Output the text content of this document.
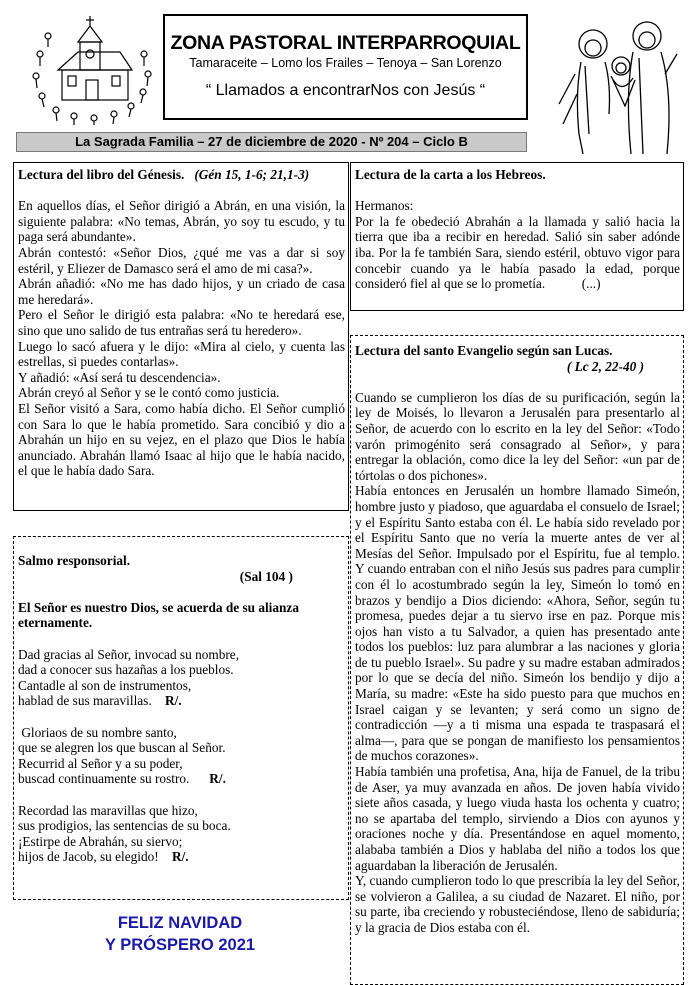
ZONA PASTORAL INTERPARROQUIAL
Tamaraceite – Lomo los Frailes – Tenoya – San Lorenzo
“ Llamados a encontrarNos con Jesús “
La Sagrada Familia – 27 de diciembre de 2020 - Nº 204 – Ciclo B

Lectura del libro del Génesis. (Gén 15, 1-6; 21,1-3)

En aquellos días, el Señor dirigió a Abrán, en una visión, la siguiente palabra: «No temas, Abrán, yo soy tu escudo, y tu paga será abundante».

Abrán contestó: «Señor Dios, ¿qué me vas a dar si soy estéril, y Eliezer de Damasco será el amo de mi casa?».

Abrán añadió: «No me has dado hijos, y un criado de casa me heredará».

Pero el Señor le dirigió esta palabra: «No te heredará ese, sino que uno salido de tus entrañas será tu heredero».

Luego lo sacó afuera y le dijo: «Mira al cielo, y cuenta las estrellas, si puedes contarlas».

Y añadió: «Así será tu descendencia».

Abrán creyó al Señor y se le contó como justicia.

El Señor visitó a Sara, como había dicho. El Señor cumplió con Sara lo que le había prometido. Sara concibió y dio a Abrahán un hijo en su vejez, en el plazo que Dios le había anunciado. Abrahán llamó Isaac al hijo que le había nacido, el que le había dado Sara.

Lectura de la carta a los Hebreos.

Hermanos:

Por la fe obedeció Abrahán a la llamada y salió hacia la tierra que iba a recibir en heredad. Salió sin saber adónde iba. Por la fe también Sara, siendo estéril, obtuvo vigor para concebir cuando ya le había pasado la edad, porque consideró fiel al que se lo prometía.	(...)

Salmo responsorial.

(Sal 104 )

El Señor es nuestro Dios, se acuerda de su alianza eternamente.

Dad gracias al Señor, invocad su nombre,

dad a conocer sus hazañas a los pueblos.

Cantadle al son de instrumentos,

hablad de sus maravillas. R/.

Gloriaos de su nombre santo,

que se alegren los que buscan al Señor.

Recurrid al Señor y a su poder,

buscad continuamente su rostro. R/.

Recordad las maravillas que hizo,

sus prodigios, las sentencias de su boca.

¡Estirpe de Abrahán, su siervo;

hijos de Jacob, su elegido! R/.

FELIZ NAVIDAD
Y PRÓSPERO 2021

Lectura del santo Evangelio según san Lucas.

( Lc 2, 22-40 )

Cuando se cumplieron los días de su purificación, según la ley de Moisés, lo llevaron a Jerusalén para presentarlo al Señor, de acuerdo con lo escrito en la ley del Señor: «Todo varón primogénito será consagrado al Señor», y para entregar la oblación, como dice la ley del Señor: «un par de tórtolas o dos pichones».

Había entonces en Jerusalén un hombre llamado Simeón, hombre justo y piadoso, que aguardaba el consuelo de Israel; y el Espíritu Santo estaba con él. Le había sido revelado por el Espíritu Santo que no vería la muerte antes de ver al Mesías del Señor. Impulsado por el Espíritu, fue al templo. Y cuando entraban con el niño Jesús sus padres para cumplir con él lo acostumbrado según la ley, Simeón lo tomó en brazos y bendijo a Dios diciendo: «Ahora, Señor, según tu promesa, puedes dejar a tu siervo irse en paz. Porque mis ojos han visto a tu Salvador, a quien has presentado ante todos los pueblos: luz para alumbrar a las naciones y gloria de tu pueblo Israel». Su padre y su madre estaban admirados por lo que se decía del niño. Simeón los bendijo y dijo a María, su madre: «Este ha sido puesto para que muchos en Israel caigan y se levanten; y será como un signo de contradicción —y a ti misma una espada te traspasará el alma—, para que se pongan de manifiesto los pensamientos de muchos corazones».

Había también una profetisa, Ana, hija de Fanuel, de la tribu de Aser, ya muy avanzada en años. De joven había vivido siete años casada, y luego viuda hasta los ochenta y cuatro; no se apartaba del templo, sirviendo a Dios con ayunos y oraciones noche y día. Presentándose en aquel momento, alababa también a Dios y hablaba del niño a todos los que aguardaban la liberación de Jerusalén.

Y, cuando cumplieron todo lo que prescribía la ley del Señor, se volvieron a Galilea, a su ciudad de Nazaret. El niño, por su parte, iba creciendo y robusteciéndose, lleno de sabiduría; y la gracia de Dios estaba con él.
